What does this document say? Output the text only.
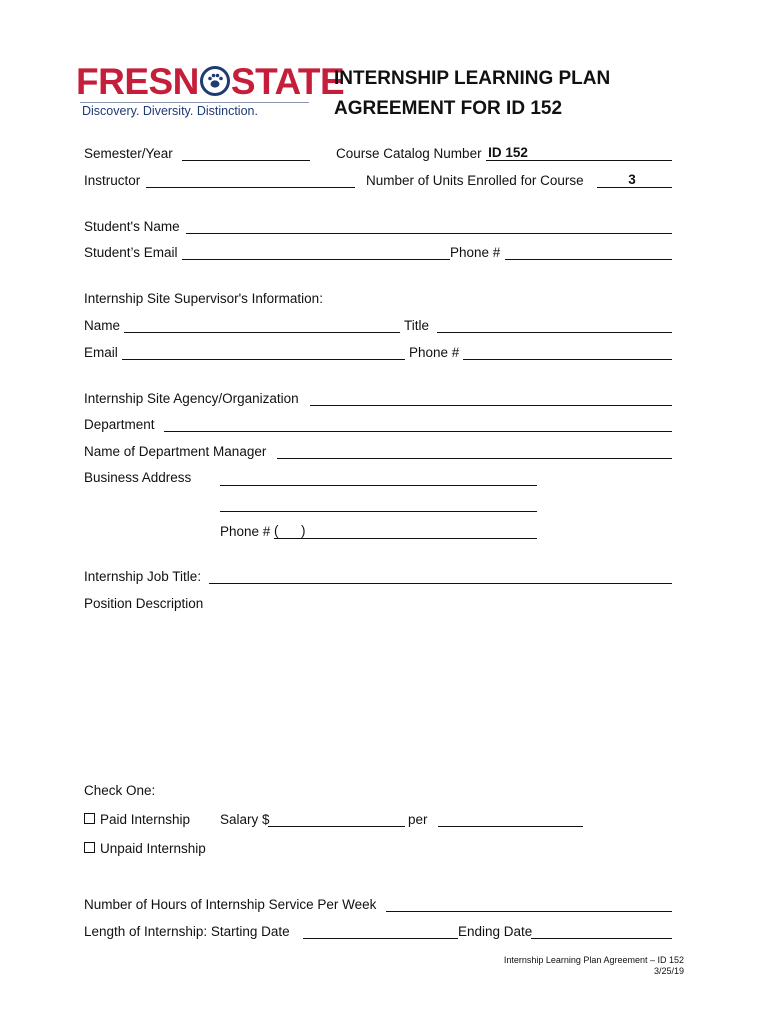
FRESN STATE
Discovery. Diversity. Distinction.
INTERNSHIP LEARNING PLAN
AGREEMENT FOR ID 152
Semester/Year	Course Catalog Number ID 152
Instructor	Number of Units Enrolled for Course	3
Student's Name
Student’s Email	Phone #
Internship Site Supervisor's Information:
Name	Title
Email	Phone #
Internship Site Agency/Organization
Department
Name of Department Manager
Business Address
Phone # (      )
Internship Job Title:
Position Description
Check One:
Paid Internship Salary $	per
Unpaid Internship
Number of Hours of Internship Service Per Week
Length of Internship: Starting Date	Ending Date
Internship Learning Plan Agreement – ID 152
3/25/19
